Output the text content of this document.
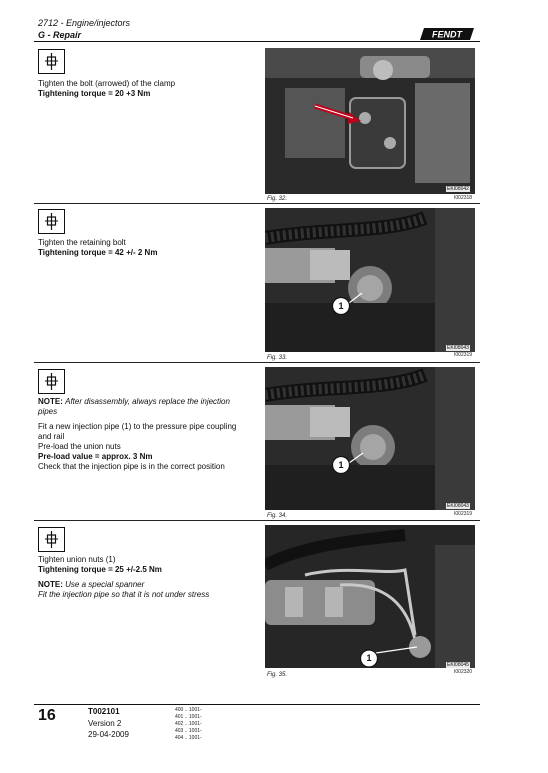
2712 - Engine/injectors
G - Repair	FENDT

Tighten the bolt (arrowed) of the clamp

Tightening torque = 20 +3 Nm

EKI08042
Fig. 32.	I002318

Tighten the retaining bolt

Tightening torque = 42 +/- 2 Nm

1
EKI08043
Fig. 33.	I002319

NOTE: After disassembly, always replace the injection pipes

Fit a new injection pipe (1) to the pressure pipe coupling and rail

Pre-load the union nuts

Pre-load value = approx. 3 Nm

Check that the injection pipe is in the correct position	1
EKI08043
Fig. 34.	I002319

Tighten union nuts (1)

Tightening torque = 25 +/-2.5 Nm

NOTE: Use a special spanner

Fit the injection pipe so that it is not under stress

1
EKI08045
Fig. 35.	I002320
16	T002101
Version 2
29-04-2009
400 .. 1001-
401 .. 1001-
402 .. 1001-
403 .. 1001-
404 .. 1001-
